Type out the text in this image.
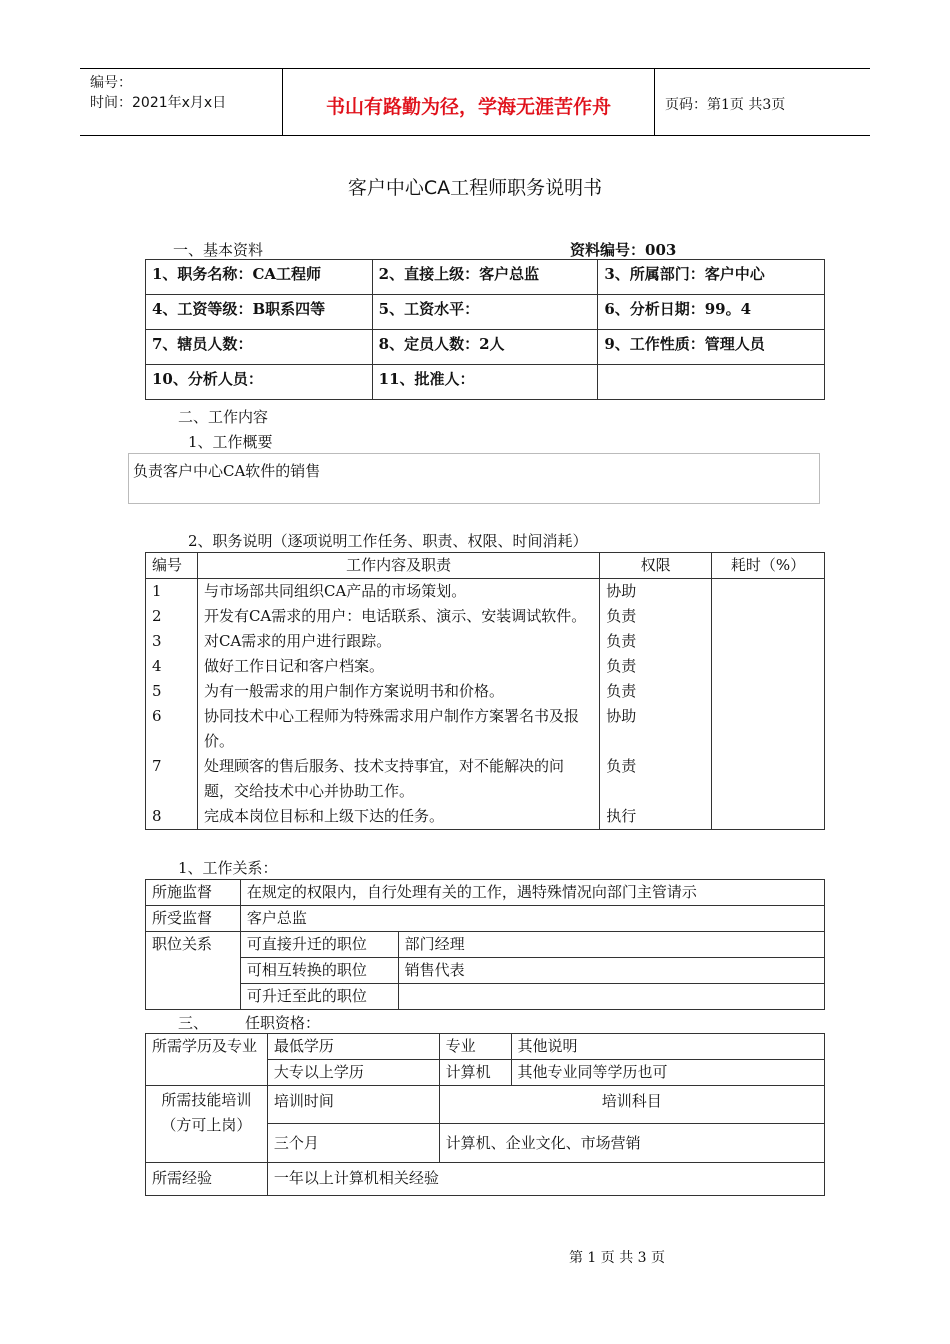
编号：
时间：2021年x月x日	书山有路勤为径，学海无涯苦作舟	页码：第1页 共3页
客户中心CA工程师职务说明书
一、基本资料	资料编号：003
1、职务名称：CA工程师	2、直接上级：客户总监	3、所属部门：客户中心
4、工资等级：B职系四等	5、工资水平：	6、分析日期：99。4
7、辖员人数：	8、定员人数：2人	9、工作性质：管理人员
10、分析人员：	11、批准人：	
二、工作内容
1、工作概要
负责客户中心CA软件的销售
2、职务说明（逐项说明工作任务、职责、权限、时间消耗）
编号	工作内容及职责	权限	耗时（%）
1	与市场部共同组织CA产品的市场策划。	协助	
2	开发有CA需求的用户：电话联系、演示、安装调试软件。	负责	
3	对CA需求的用户进行跟踪。	负责	
4	做好工作日记和客户档案。	负责	
5	为有一般需求的用户制作方案说明书和价格。	负责	
6	协同技术中心工程师为特殊需求用户制作方案署名书及报价。	协助	
7	处理顾客的售后服务、技术支持事宜，对不能解决的问题，交给技术中心并协助工作。	负责	
8	完成本岗位目标和上级下达的任务。	执行	
1、工作关系：
所施监督	在规定的权限内，自行处理有关的工作，遇特殊情况向部门主管请示	
所受监督	客户总监	
职位关系	可直接升迁的职位	部门经理
	可相互转换的职位	销售代表
	可升迁至此的职位	
三、 任职资格：
所需学历及专业	最低学历	专业	其他说明
	大专以上学历	计算机	其他专业同等学历也可
所需技能培训（方可上岗）	培训时间	培训科目	
	三个月	计算机、企业文化、市场营销	
所需经验	一年以上计算机相关经验		
第 1 页 共 3 页
